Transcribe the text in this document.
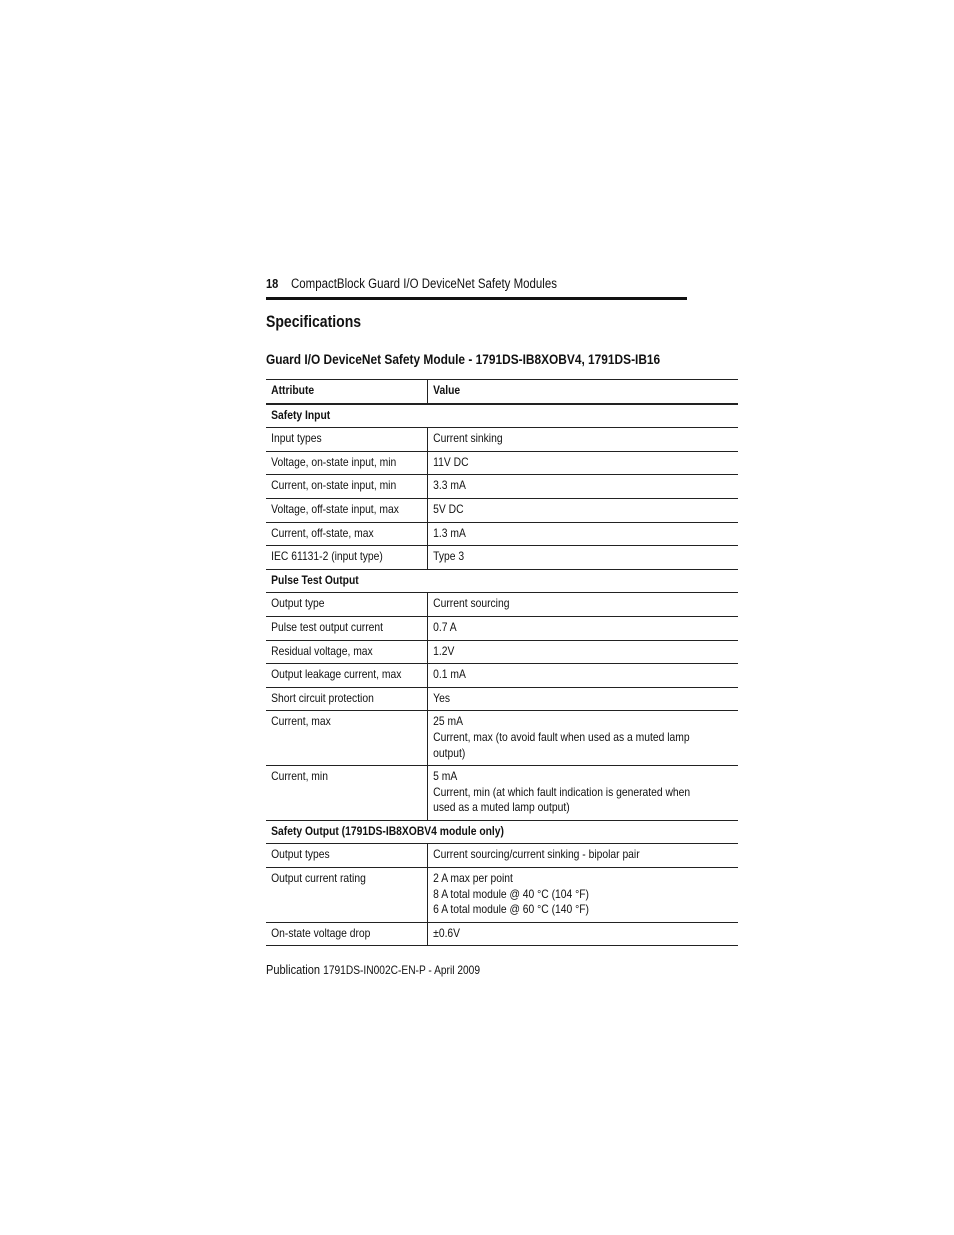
18 CompactBlock Guard I/O DeviceNet Safety Modules
Specifications
Guard I/O DeviceNet Safety Module - 1791DS-IB8XOBV4, 1791DS-IB16
Attribute	Value

Safety Input	

Input types	Current sinking

Voltage, on-state input, min	11V DC

Current, on-state input, min	3.3 mA

Voltage, off-state input, max	5V DC

Current, off-state, max	1.3 mA

IEC 61131-2 (input type)	Type 3

Pulse Test Output	

Output type	Current sourcing

Pulse test output current	0.7 A

Residual voltage, max	1.2V

Output leakage current, max	0.1 mA

Short circuit protection	Yes

Current, max	25 mA
Current, max (to avoid fault when used as a muted lamp output)

Current, min	5 mA
Current, min (at which fault indication is generated when used as a muted lamp output)

Safety Output (1791DS-IB8XOBV4 module only)	

Output types	Current sourcing/current sinking - bipolar pair

Output current rating	2 A max per point
8 A total module @ 40 °C (104 °F)
6 A total module @ 60 °C (140 °F)

On-state voltage drop	±0.6V
Publication 1791DS-IN002C-EN-P - April 2009
